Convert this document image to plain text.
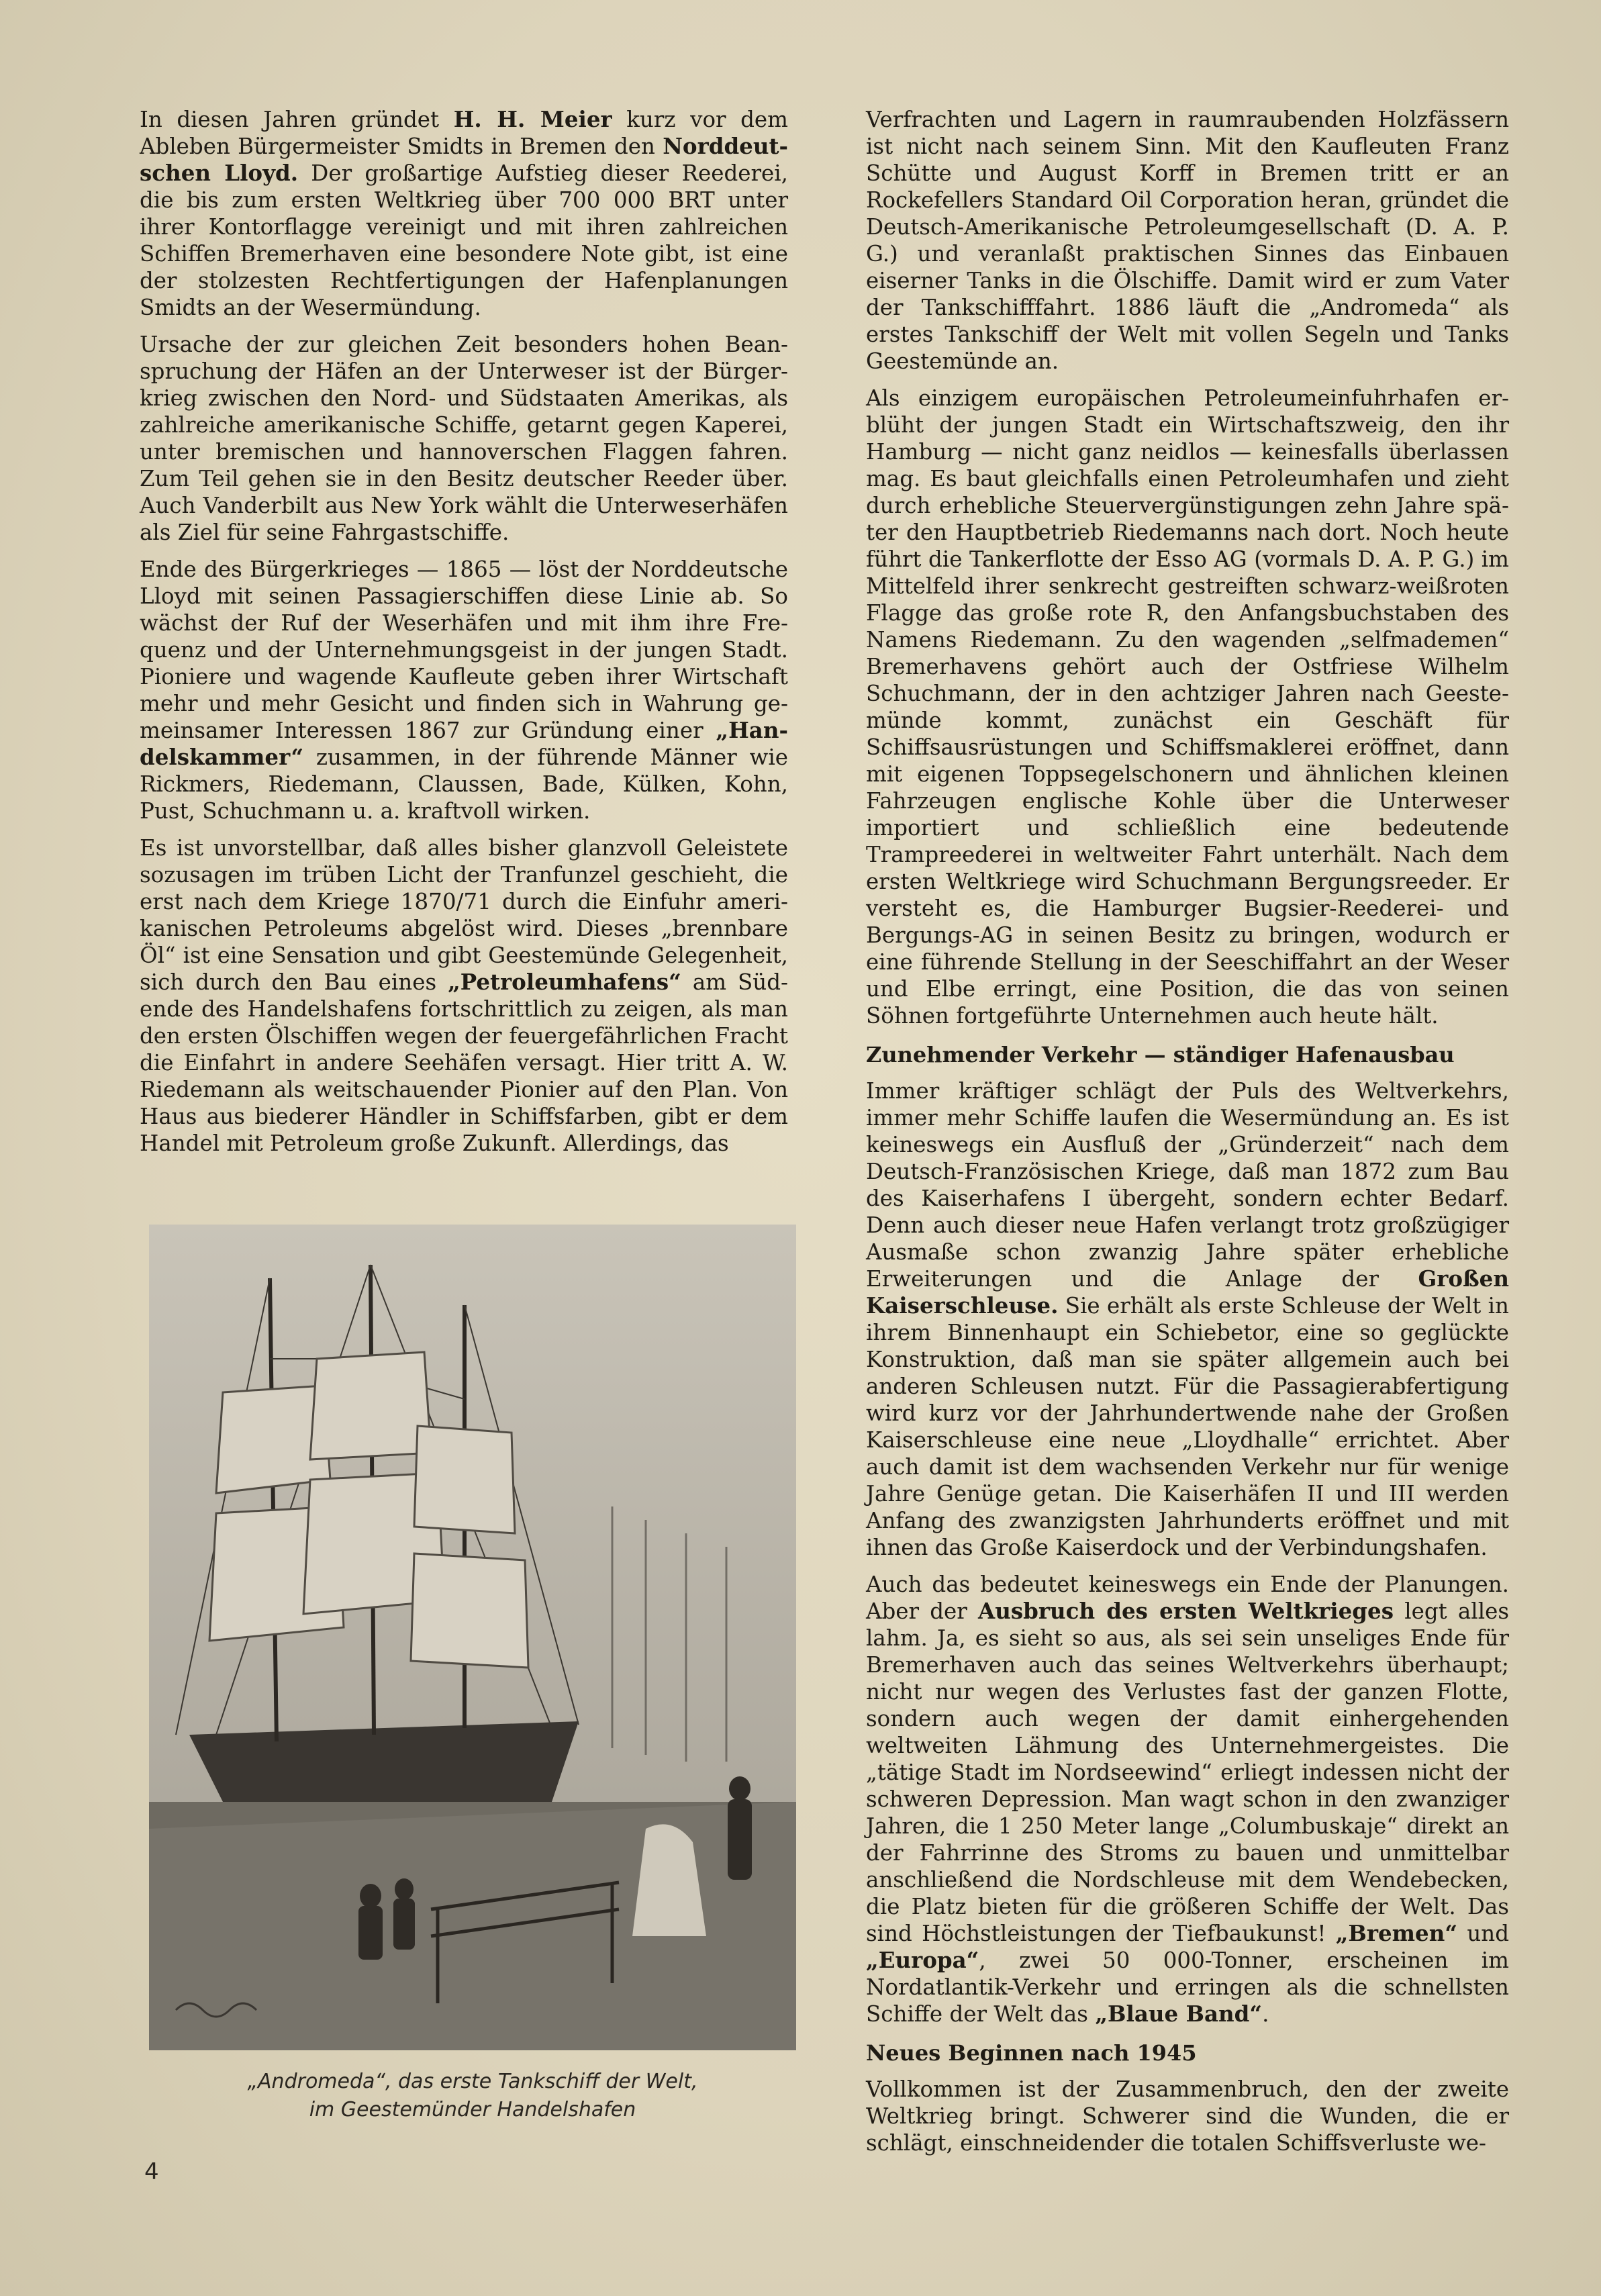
In diesen Jahren gründet H. H. Meier kurz vor dem Ableben Bürgermeister Smidts in Bremen den Norddeutschen Lloyd. Der großartige Aufstieg dieser Reederei, die bis zum ersten Weltkrieg über 700 000 BRT unter ihrer Kontorflagge vereinigt und mit ihren zahlreichen Schiffen Bremerhaven eine besondere Note gibt, ist eine der stolzesten Rechtfertigungen der Hafenplanungen Smidts an der Wesermündung.

Ursache der zur gleichen Zeit besonders hohen Beanspruchung der Häfen an der Unterweser ist der Bürgerkrieg zwischen den Nord- und Südstaaten Amerikas, als zahlreiche amerikanische Schiffe, getarnt gegen Kaperei, unter bremischen und hannoverschen Flaggen fahren. Zum Teil gehen sie in den Besitz deutscher Reeder über. Auch Vanderbilt aus New York wählt die Unterweserhäfen als Ziel für seine Fahrgastschiffe.

Ende des Bürgerkrieges — 1865 — löst der Norddeutsche Lloyd mit seinen Passagierschiffen diese Linie ab. So wächst der Ruf der Weserhäfen und mit ihm ihre Frequenz und der Unternehmungsgeist in der jungen Stadt. Pioniere und wagende Kaufleute geben ihrer Wirtschaft mehr und mehr Gesicht und finden sich in Wahrung gemeinsamer Interessen 1867 zur Gründung einer „Handelskammer“ zusammen, in der führende Männer wie Rickmers, Riedemann, Claussen, Bade, Külken, Kohn, Pust, Schuchmann u. a. kraftvoll wirken.

Es ist unvorstellbar, daß alles bisher glanzvoll Geleistete sozusagen im trüben Licht der Tranfunzel geschieht, die erst nach dem Kriege 1870/71 durch die Einfuhr amerikanischen Petroleums abgelöst wird. Dieses „brennbare Öl“ ist eine Sensation und gibt Geestemünde Gelegenheit, sich durch den Bau eines „Petroleumhafens“ am Südende des Handelshafens fortschrittlich zu zeigen, als man den ersten Ölschiffen wegen der feuergefährlichen Fracht die Einfahrt in andere Seehäfen versagt. Hier tritt A. W. Riedemann als weitschauender Pionier auf den Plan. Von Haus aus biederer Händler in Schiffsfarben, gibt er dem Handel mit Petroleum große Zukunft. Allerdings, das

„Andromeda“, das erste Tankschiff der Welt,
im Geestemünder Handelshafen

Verfrachten und Lagern in raumraubenden Holzfässern ist nicht nach seinem Sinn. Mit den Kaufleuten Franz Schütte und August Korff in Bremen tritt er an Rockefellers Standard Oil Corporation heran, gründet die Deutsch-Amerikanische Petroleumgesellschaft (D. A. P. G.) und veranlaßt praktischen Sinnes das Einbauen eiserner Tanks in die Ölschiffe. Damit wird er zum Vater der Tankschifffahrt. 1886 läuft die „Andromeda“ als erstes Tankschiff der Welt mit vollen Segeln und Tanks Geestemünde an.

Als einzigem europäischen Petroleumeinfuhrhafen erblüht der jungen Stadt ein Wirtschaftszweig, den ihr Hamburg — nicht ganz neidlos — keinesfalls überlassen mag. Es baut gleichfalls einen Petroleumhafen und zieht durch erhebliche Steuervergünstigungen zehn Jahre später den Hauptbetrieb Riedemanns nach dort. Noch heute führt die Tankerflotte der Esso AG (vormals D. A. P. G.) im Mittelfeld ihrer senkrecht gestreiften schwarz-weißroten Flagge das große rote R, den Anfangsbuchstaben des Namens Riedemann. Zu den wagenden „selfmademen“ Bremerhavens gehört auch der Ostfriese Wilhelm Schuchmann, der in den achtziger Jahren nach Geestemünde kommt, zunächst ein Geschäft für Schiffsausrüstungen und Schiffsmaklerei eröffnet, dann mit eigenen Toppsegelschonern und ähnlichen kleinen Fahrzeugen englische Kohle über die Unterweser importiert und schließlich eine bedeutende Trampreederei in weltweiter Fahrt unterhält. Nach dem ersten Weltkriege wird Schuchmann Bergungsreeder. Er versteht es, die Hamburger Bugsier-Reederei- und Bergungs-AG in seinen Besitz zu bringen, wodurch er eine führende Stellung in der Seeschiffahrt an der Weser und Elbe erringt, eine Position, die das von seinen Söhnen fortgeführte Unternehmen auch heute hält.

Zunehmender Verkehr — ständiger Hafenausbau

Immer kräftiger schlägt der Puls des Weltverkehrs, immer mehr Schiffe laufen die Wesermündung an. Es ist keineswegs ein Ausfluß der „Gründerzeit“ nach dem Deutsch-Französischen Kriege, daß man 1872 zum Bau des Kaiserhafens I übergeht, sondern echter Bedarf. Denn auch dieser neue Hafen verlangt trotz großzügiger Ausmaße schon zwanzig Jahre später erhebliche Erweiterungen und die Anlage der Großen Kaiserschleuse. Sie erhält als erste Schleuse der Welt in ihrem Binnenhaupt ein Schiebetor, eine so geglückte Konstruktion, daß man sie später allgemein auch bei anderen Schleusen nutzt. Für die Passagierabfertigung wird kurz vor der Jahrhundertwende nahe der Großen Kaiserschleuse eine neue „Lloydhalle“ errichtet. Aber auch damit ist dem wachsenden Verkehr nur für wenige Jahre Genüge getan. Die Kaiserhäfen II und III werden Anfang des zwanzigsten Jahrhunderts eröffnet und mit ihnen das Große Kaiserdock und der Verbindungshafen.

Auch das bedeutet keineswegs ein Ende der Planungen. Aber der Ausbruch des ersten Weltkrieges legt alles lahm. Ja, es sieht so aus, als sei sein unseliges Ende für Bremerhaven auch das seines Weltverkehrs überhaupt; nicht nur wegen des Verlustes fast der ganzen Flotte, sondern auch wegen der damit einhergehenden weltweiten Lähmung des Unternehmergeistes. Die „tätige Stadt im Nordseewind“ erliegt indessen nicht der schweren Depression. Man wagt schon in den zwanziger Jahren, die 1 250 Meter lange „Columbuskaje“ direkt an der Fahrrinne des Stroms zu bauen und unmittelbar anschließend die Nordschleuse mit dem Wendebecken, die Platz bieten für die größeren Schiffe der Welt. Das sind Höchstleistungen der Tiefbaukunst! „Bremen“ und „Europa“, zwei 50 000-Tonner, erscheinen im Nordatlantik-Verkehr und erringen als die schnellsten Schiffe der Welt das „Blaue Band“.

Neues Beginnen nach 1945

Vollkommen ist der Zusammenbruch, den der zweite Weltkrieg bringt. Schwerer sind die Wunden, die er schlägt, einschneidender die totalen Schiffsverluste we-

4
